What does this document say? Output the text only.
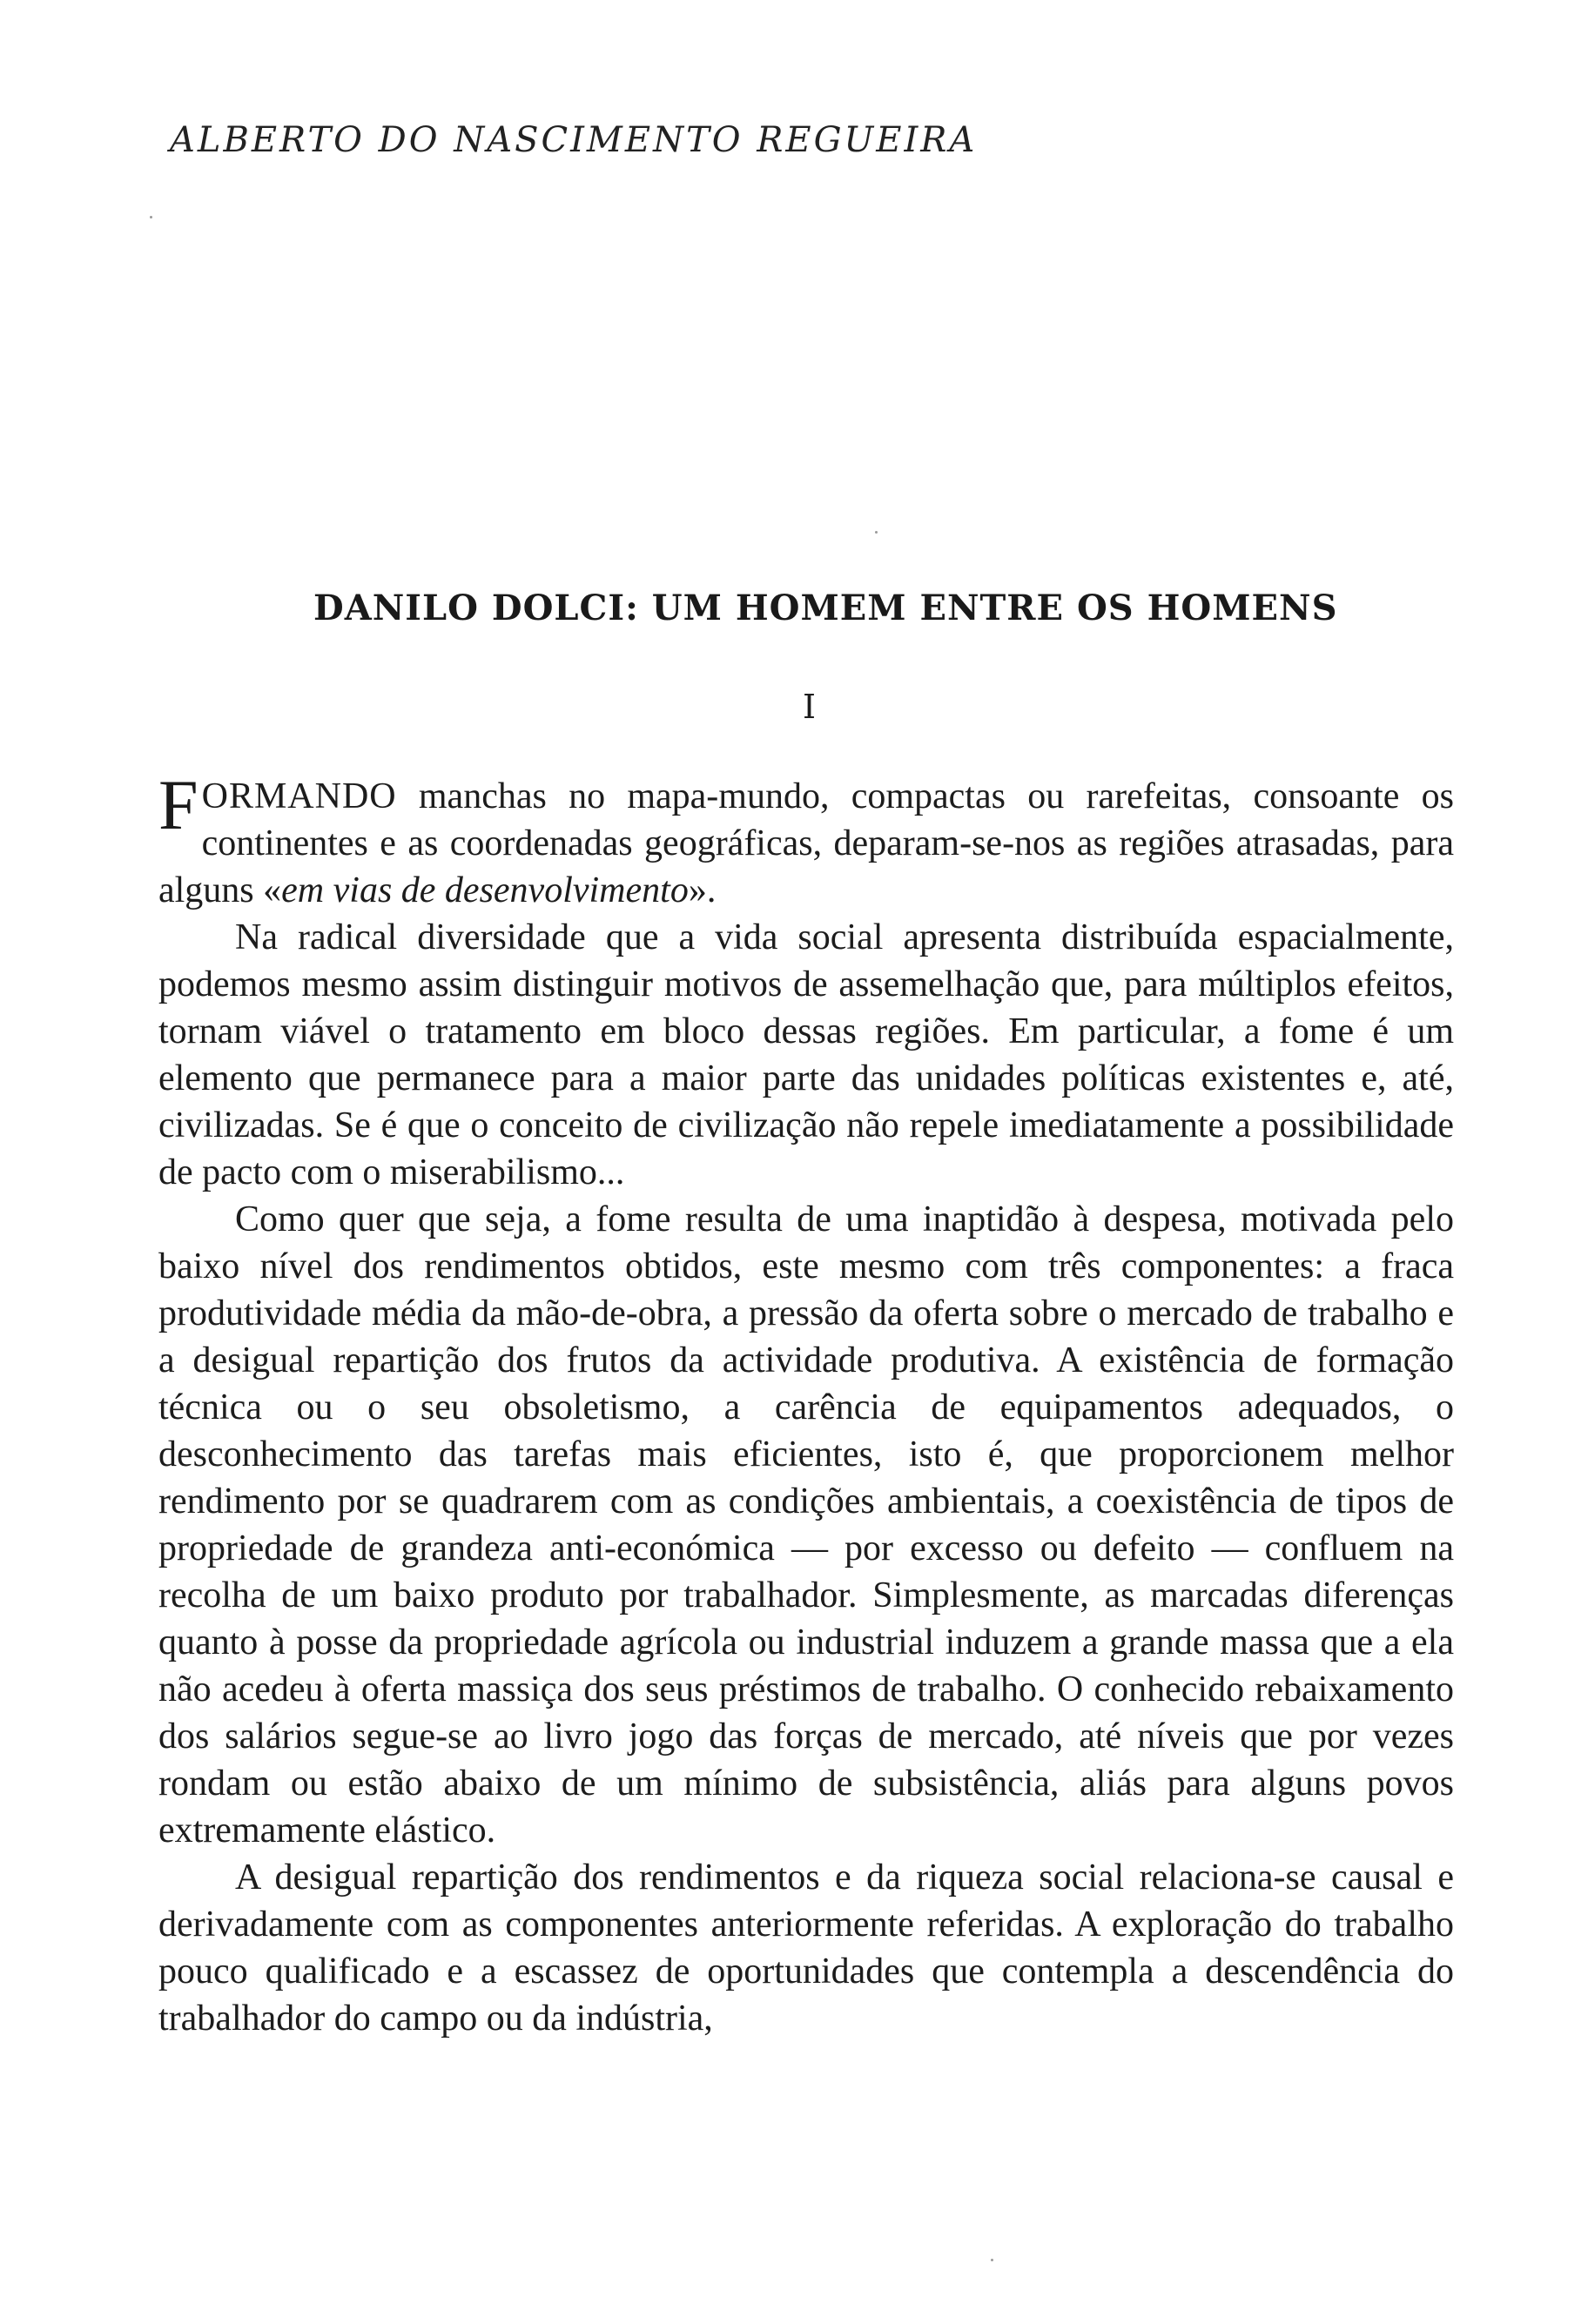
ALBERTO DO NASCIMENTO REGUEIRA
DANILO DOLCI: UM HOMEM ENTRE OS HOMENS
I

FORMANDO manchas no mapa-mundo, compactas ou rarefeitas, consoante os continentes e as coordenadas geográficas, deparam-se-nos as regiões atrasadas, para alguns «em vias de desenvolvimento».

Na radical diversidade que a vida social apresenta distribuída espacialmente, podemos mesmo assim distinguir motivos de assemelhação que, para múltiplos efeitos, tornam viável o tratamento em bloco dessas regiões. Em particular, a fome é um elemento que permanece para a maior parte das unidades políticas existentes e, até, civilizadas. Se é que o conceito de civilização não repele imediatamente a possibilidade de pacto com o miserabilismo...

Como quer que seja, a fome resulta de uma inaptidão à despesa, motivada pelo baixo nível dos rendimentos obtidos, este mesmo com três componentes: a fraca produtividade média da mão-de-obra, a pressão da oferta sobre o mercado de trabalho e a desigual repartição dos frutos da actividade produtiva. A existência de formação técnica ou o seu obsoletismo, a carência de equipamentos adequados, o desconhecimento das tarefas mais eficientes, isto é, que proporcionem melhor rendimento por se quadrarem com as condições ambientais, a coexistência de tipos de propriedade de grandeza anti-económica — por excesso ou defeito — confluem na recolha de um baixo produto por trabalhador. Simplesmente, as marcadas diferenças quanto à posse da propriedade agrícola ou industrial induzem a grande massa que a ela não acedeu à oferta massiça dos seus préstimos de trabalho. O conhecido rebaixamento dos salários segue-se ao livro jogo das forças de mercado, até níveis que por vezes rondam ou estão abaixo de um mínimo de subsistência, aliás para alguns povos extremamente elástico.

A desigual repartição dos rendimentos e da riqueza social relaciona-se causal e derivadamente com as componentes anteriormente referidas. A exploração do trabalho pouco qualificado e a escassez de oportunidades que contempla a descendência do trabalhador do campo ou da indústria,
